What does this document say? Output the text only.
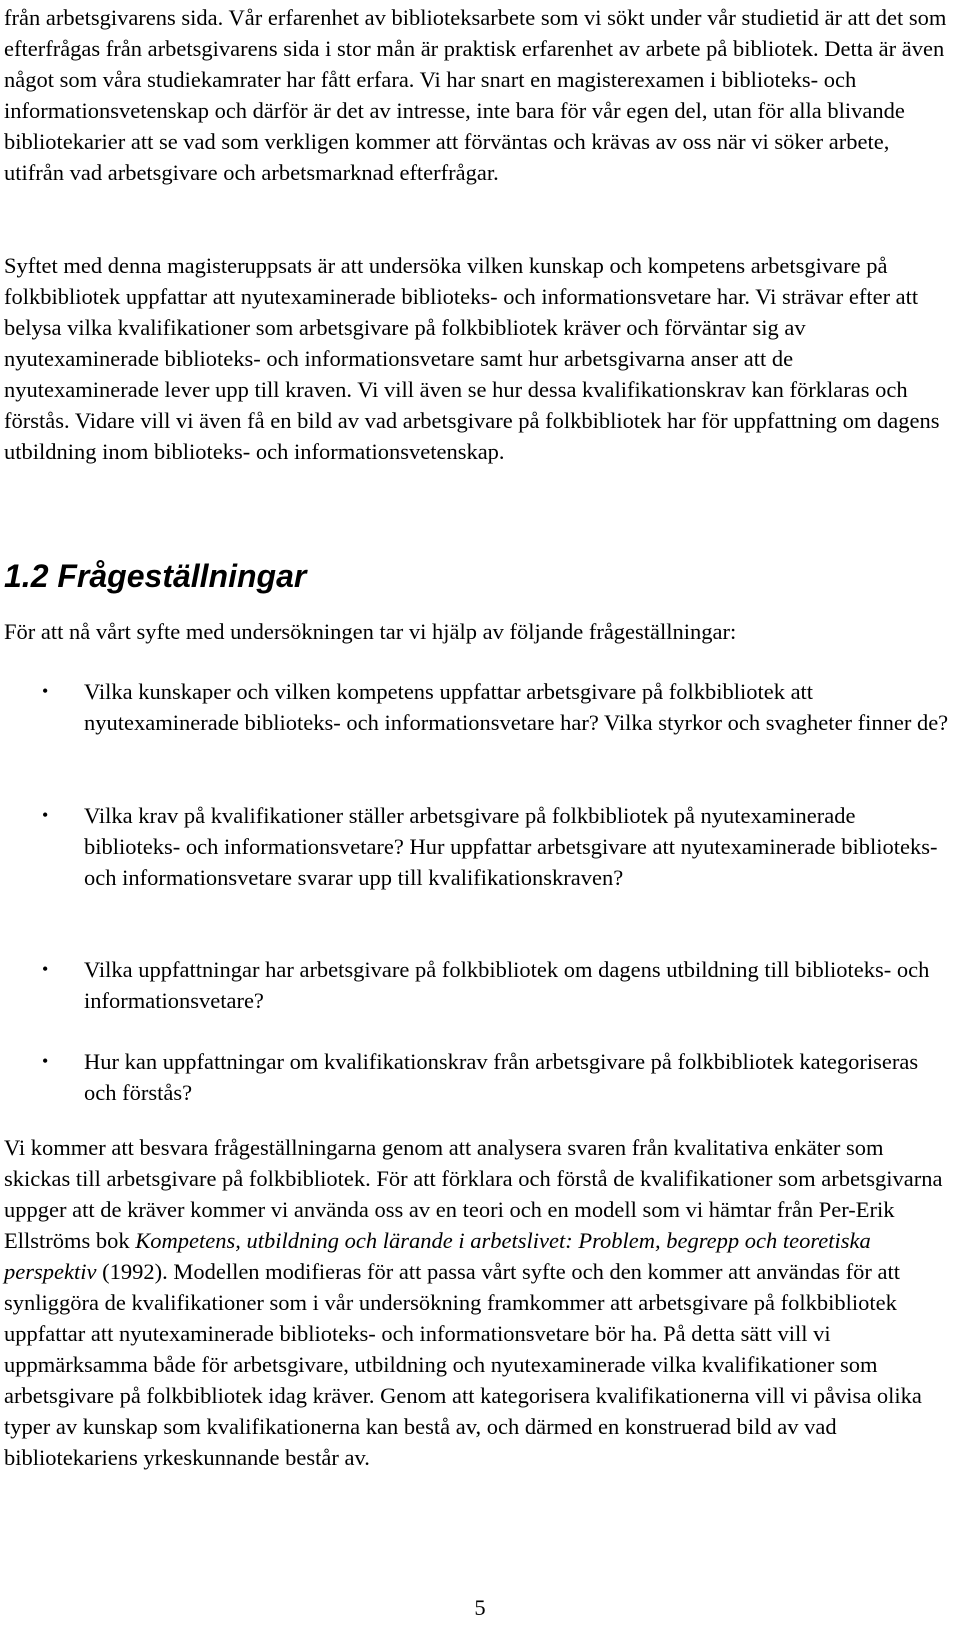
från arbetsgivarens sida. Vår erfarenhet av biblioteksarbete som vi sökt under vår studietid är att det som efterfrågas från arbetsgivarens sida i stor mån är praktisk erfarenhet av arbete på bibliotek. Detta är även något som våra studiekamrater har fått erfara. Vi har snart en magisterexamen i biblioteks- och informationsvetenskap och därför är det av intresse, inte bara för vår egen del, utan för alla blivande bibliotekarier att se vad som verkligen kommer att förväntas och krävas av oss när vi söker arbete, utifrån vad arbetsgivare och arbetsmarknad efterfrågar.

Syftet med denna magisteruppsats är att undersöka vilken kunskap och kompetens arbetsgivare på folkbibliotek uppfattar att nyutexaminerade biblioteks- och informationsvetare har. Vi strävar efter att belysa vilka kvalifikationer som arbetsgivare på folkbibliotek kräver och förväntar sig av nyutexaminerade biblioteks- och informationsvetare samt hur arbetsgivarna anser att de nyutexaminerade lever upp till kraven. Vi vill även se hur dessa kvalifikationskrav kan förklaras och förstås. Vidare vill vi även få en bild av vad arbetsgivare på folkbibliotek har för uppfattning om dagens utbildning inom biblioteks- och informationsvetenskap.

1.2 Frågeställningar

För att nå vårt syfte med undersökningen tar vi hjälp av följande frågeställningar:

• Vilka kunskaper och vilken kompetens uppfattar arbetsgivare på folkbibliotek att nyutexaminerade biblioteks- och informationsvetare har? Vilka styrkor och svagheter finner de?
• Vilka krav på kvalifikationer ställer arbetsgivare på folkbibliotek på nyutexaminerade biblioteks- och informationsvetare? Hur uppfattar arbetsgivare att nyutexaminerade biblioteks- och informationsvetare svarar upp till kvalifikationskraven?
• Vilka uppfattningar har arbetsgivare på folkbibliotek om dagens utbildning till biblioteks- och informationsvetare?
• Hur kan uppfattningar om kvalifikationskrav från arbetsgivare på folkbibliotek kategoriseras och förstås?

Vi kommer att besvara frågeställningarna genom att analysera svaren från kvalitativa enkäter som skickas till arbetsgivare på folkbibliotek. För att förklara och förstå de kvalifikationer som arbetsgivarna uppger att de kräver kommer vi använda oss av en teori och en modell som vi hämtar från Per-Erik Ellströms bok Kompetens, utbildning och lärande i arbetslivet: Problem, begrepp och teoretiska perspektiv (1992). Modellen modifieras för att passa vårt syfte och den kommer att användas för att synliggöra de kvalifikationer som i vår undersökning framkommer att arbetsgivare på folkbibliotek uppfattar att nyutexaminerade biblioteks- och informationsvetare bör ha. På detta sätt vill vi uppmärksamma både för arbetsgivare, utbildning och nyutexaminerade vilka kvalifikationer som arbetsgivare på folkbibliotek idag kräver. Genom att kategorisera kvalifikationerna vill vi påvisa olika typer av kunskap som kvalifikationerna kan bestå av, och därmed en konstruerad bild av vad bibliotekariens yrkeskunnande består av.

5
